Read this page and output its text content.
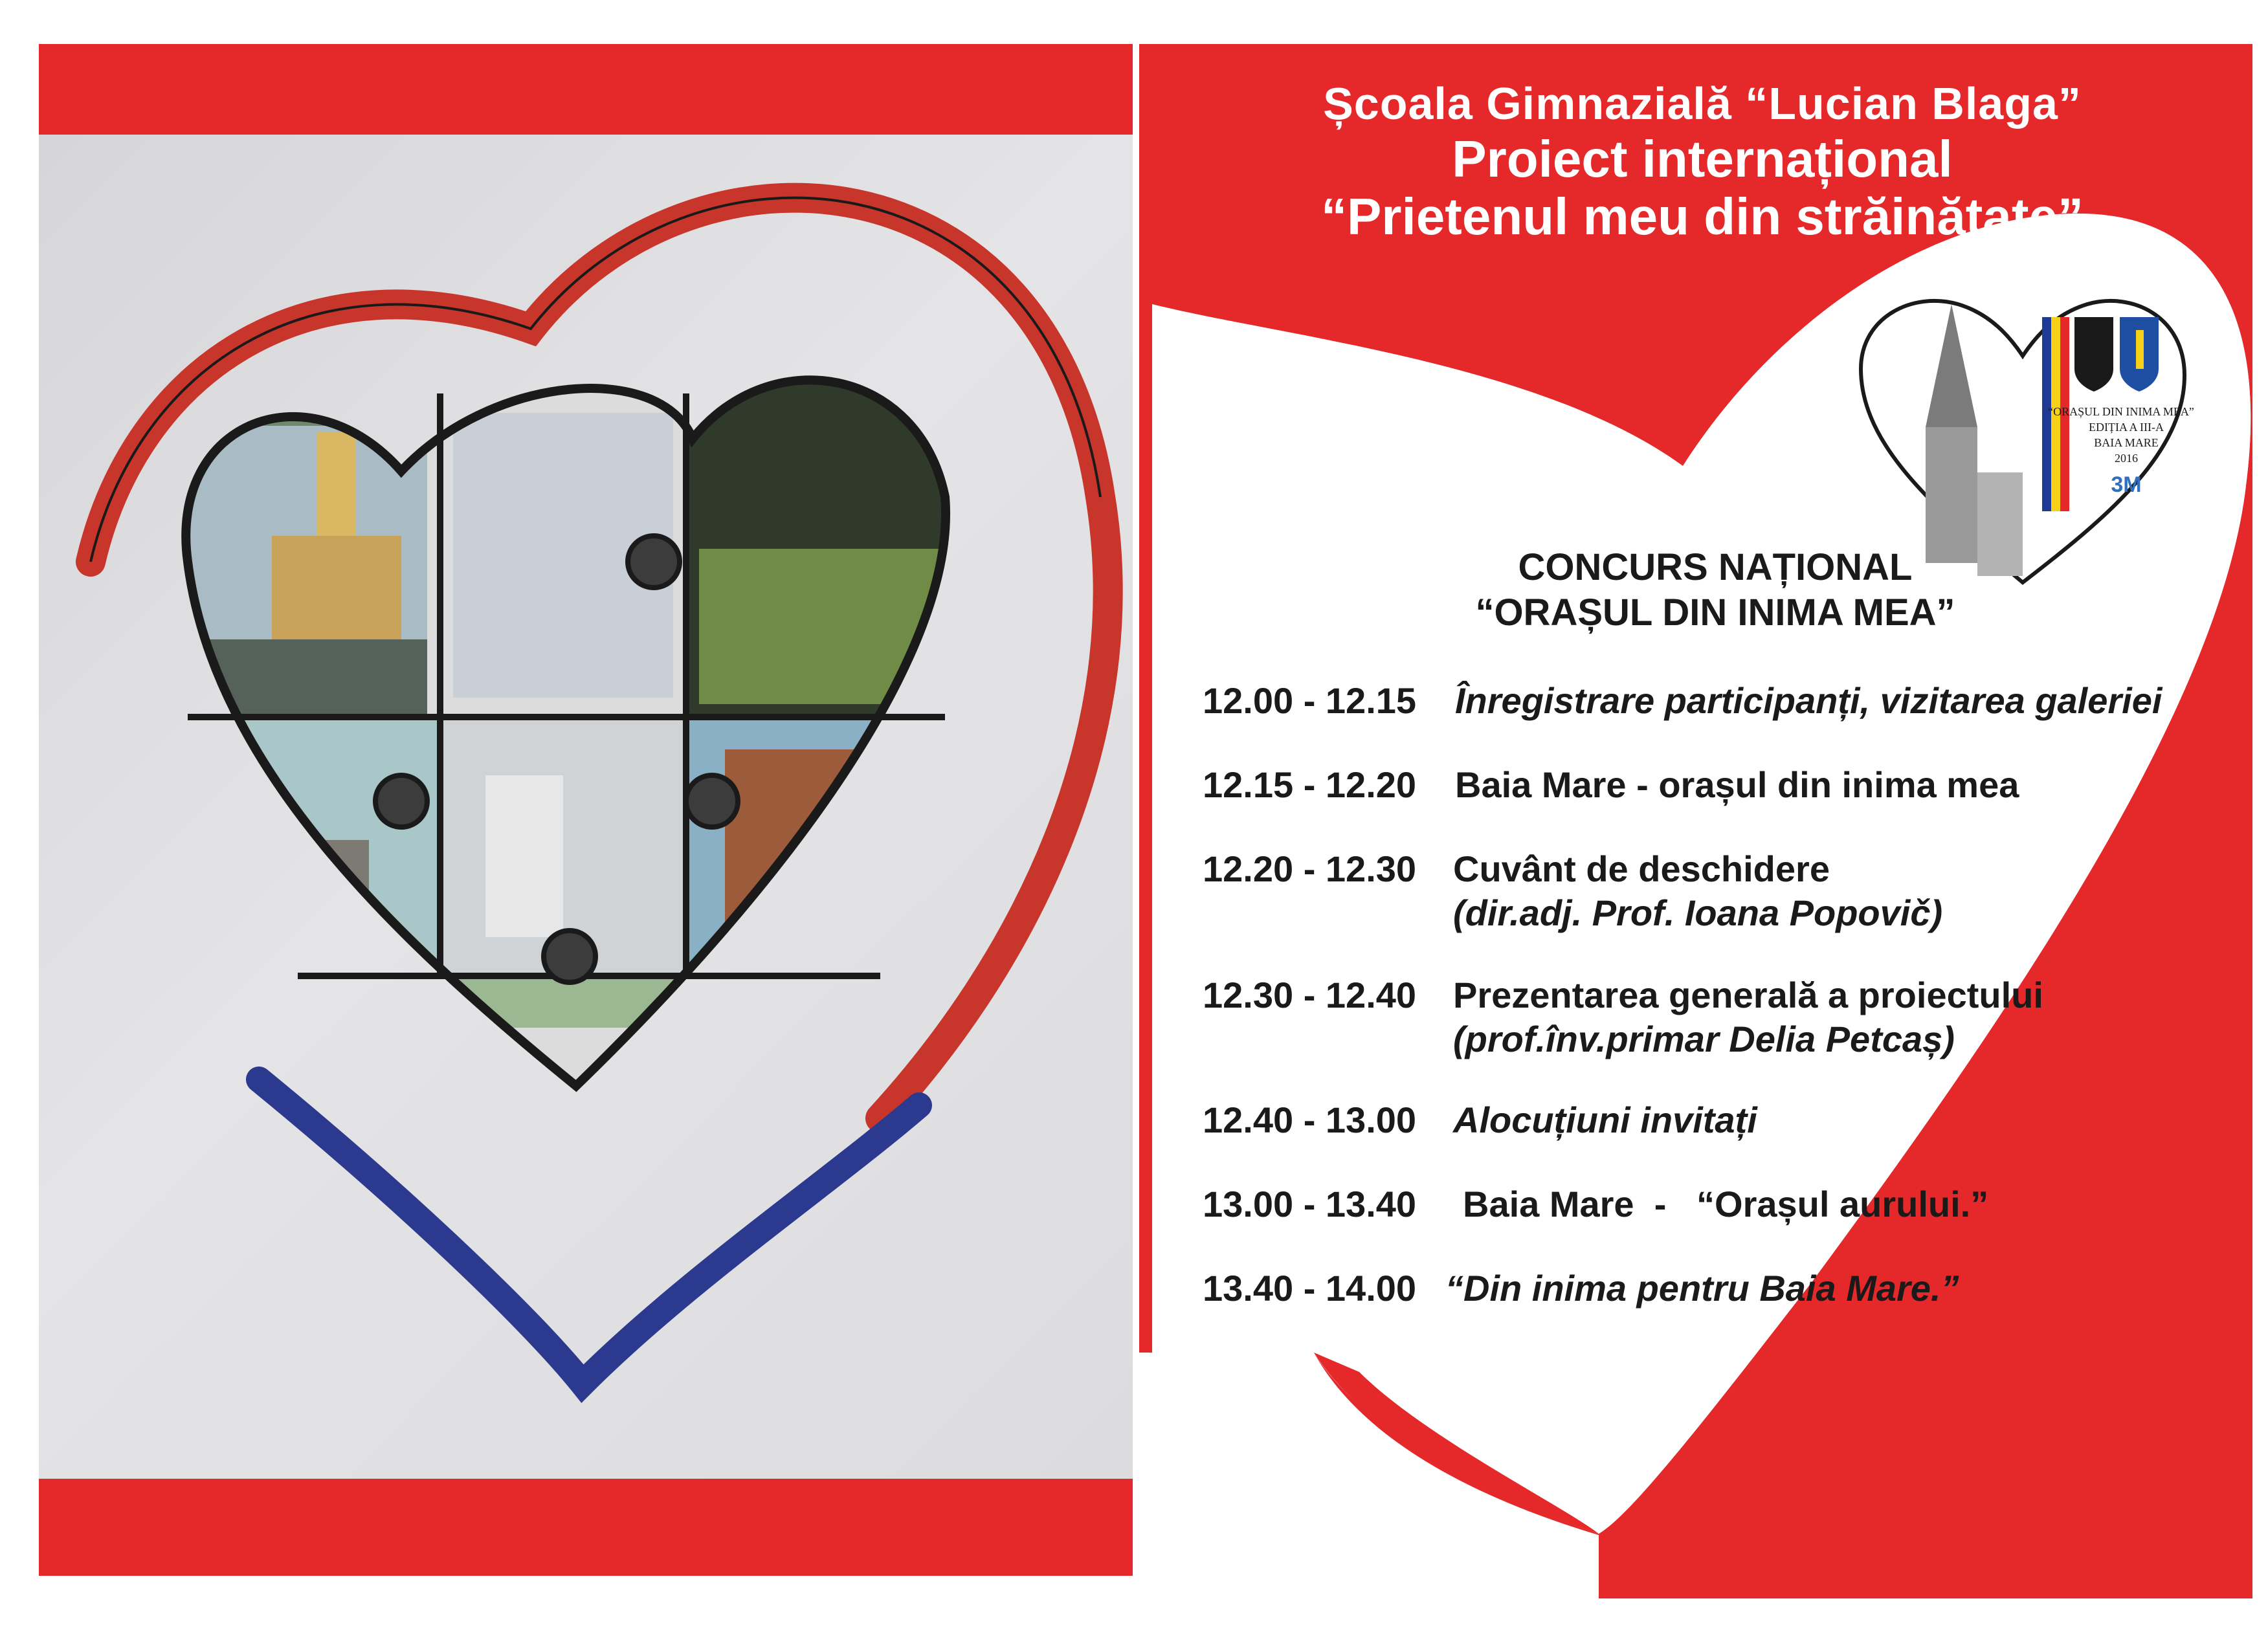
Școala Gimnazială “Lucian Blaga”
Proiect internațional
“Prietenul meu din străinătate”
“ORAȘUL DIN INIMA MEA”
EDIȚIA A III-A
BAIA MARE
2016
3M
CONCURS NAȚIONAL
“ORAȘUL DIN INIMA MEA”
12.00 - 12.15	Înregistrare participanți, vizitarea galeriei
12.15 - 12.20	Baia Mare - orașul din inima mea
12.20 - 12.30	Cuvânt de deschidere
(dir.adj. Prof. Ioana Popovič)
12.30 - 12.40	Prezentarea generală a proiectului
(prof.înv.primar Delia Petcaș)
12.40 - 13.00	Alocuțiuni invitați
13.00 - 13.40	Baia Mare  -   “Orașul aurului.”
13.40 - 14.00 “Din inima pentru Baia Mare.”
